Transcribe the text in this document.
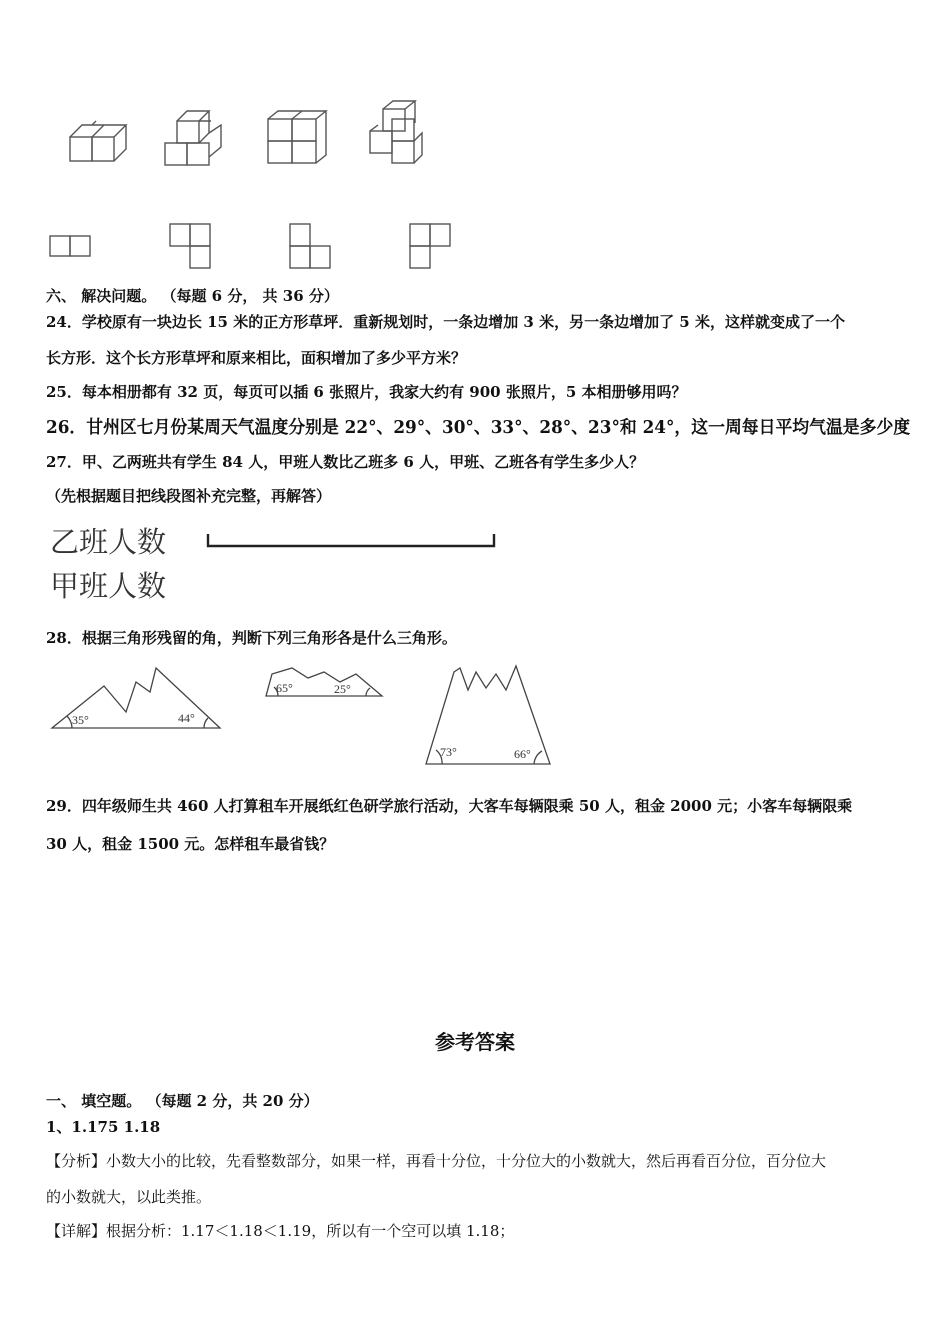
六、 解决问题。 （每题 6 分， 共 36 分）
24．学校原有一块边长 15 米的正方形草坪．重新规划时，一条边增加 3 米，另一条边增加了 5 米，这样就变成了一个
长方形．这个长方形草坪和原来相比，面积增加了多少平方米？
25．每本相册都有 32 页，每页可以插 6 张照片，我家大约有 900 张照片，5 本相册够用吗？
26．甘州区七月份某周天气温度分别是 22°、29°、30°、33°、28°、23°和 24°，这一周每日平均气温是多少度
27．甲、乙两班共有学生 84 人，甲班人数比乙班多 6 人，甲班、乙班各有学生多少人？
（先根据题目把线段图补充完整，再解答）
乙班人数
甲班人数
28．根据三角形残留的角，判断下列三角形各是什么三角形。
35°	44°
65°	25°
73°	66°
29．四年级师生共 460 人打算租车开展纸红色研学旅行活动，大客车每辆限乘 50 人，租金 2000 元；小客车每辆限乘
30 人，租金 1500 元。怎样租车最省钱？
参考答案
一、 填空题。 （每题 2 分，共 20 分）
1、1.175 1.18
【分析】小数大小的比较，先看整数部分，如果一样，再看十分位，十分位大的小数就大，然后再看百分位，百分位大
的小数就大，以此类推。
【详解】根据分析：1.17＜1.18＜1.19，所以有一个空可以填 1.18；
